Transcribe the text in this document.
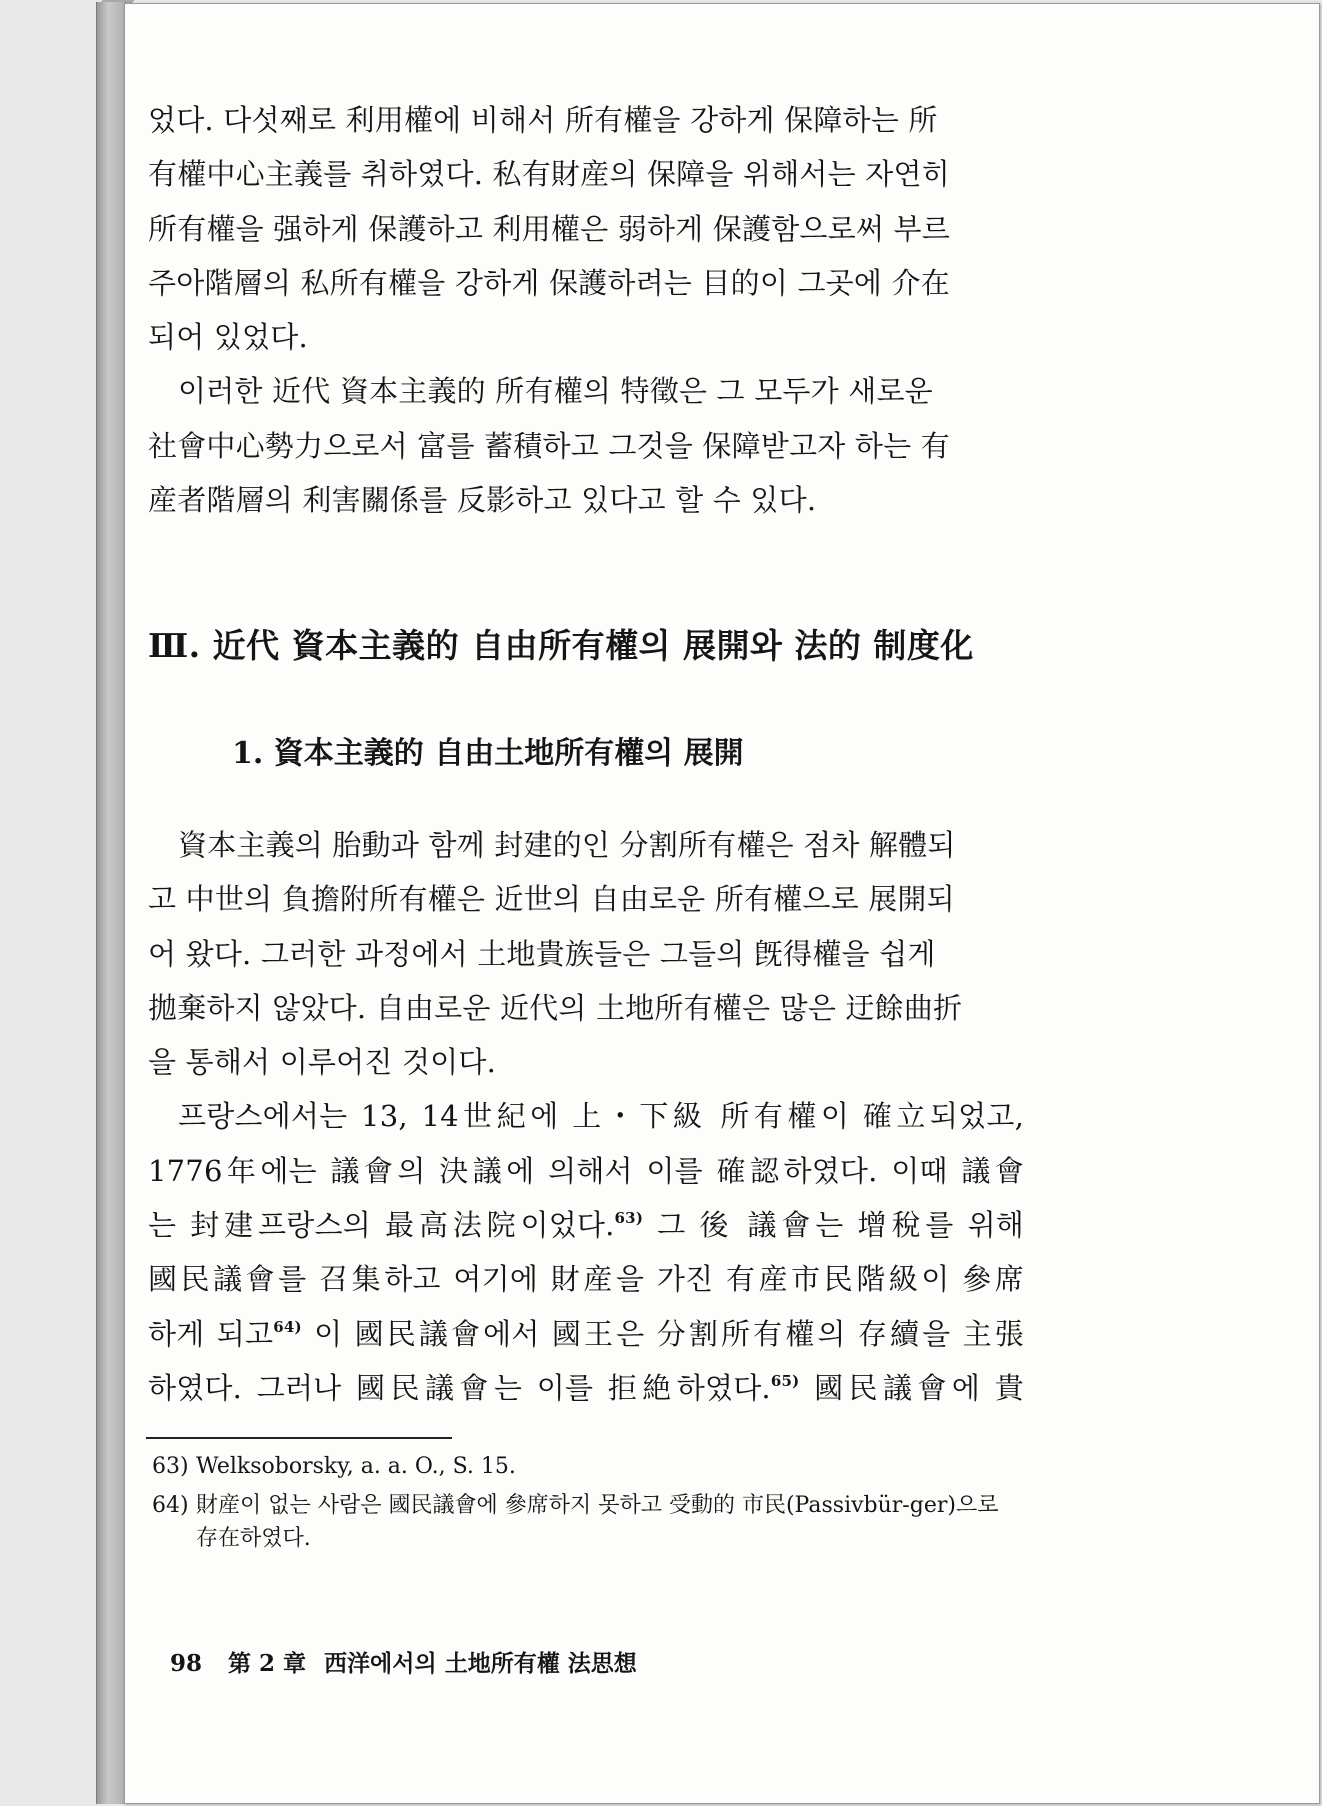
었다. 다섯째로 利用權에 비해서 所有權을 강하게 保障하는 所
有權中心主義를 취하였다. 私有財産의 保障을 위해서는 자연히
所有權을 强하게 保護하고 利用權은 弱하게 保護함으로써 부르
주아階層의 私所有權을 강하게 保護하려는 目的이 그곳에 介在
되어 있었다.

이러한 近代 資本主義的 所有權의 特徵은 그 모두가 새로운
社會中心勢力으로서 富를 蓄積하고 그것을 保障받고자 하는 有
産者階層의 利害關係를 反影하고 있다고 할 수 있다.

Ⅲ. 近代 資本主義的 自由所有權의 展開와 法的 制度化
1. 資本主義的 自由土地所有權의 展開

資本主義의 胎動과 함께 封建的인 分割所有權은 점차 解體되
고 中世의 負擔附所有權은 近世의 自由로운 所有權으로 展開되
어 왔다. 그러한 과정에서 土地貴族들은 그들의 旣得權을 쉽게
拋棄하지 않았다. 自由로운 近代의 土地所有權은 많은 迂餘曲折
을 통해서 이루어진 것이다.

프랑스에서는 13, 14世紀에 上・下級 所有權이 確立되었고,
1776年에는 議會의 決議에 의해서 이를 確認하였다. 이때 議會
는 封建프랑스의 最高法院이었다.$^{63)}$ 그 後 議會는 增稅를 위해
國民議會를 召集하고 여기에 財産을 가진 有産市民階級이 參席
하게 되고$^{64)}$ 이 國民議會에서 國王은 分割所有權의 存續을 主張
하였다. 그러나 國民議會는 이를 拒絶하였다.$^{65)}$ 國民議會에 貴

63) Welksoborsky, a. a. O., S. 15.

64) 財産이 없는 사람은 國民議會에 參席하지 못하고 受動的 市民(Passivbür-ger)으로 存在하였다.

98 第 2 章 西洋에서의 土地所有權 法思想
